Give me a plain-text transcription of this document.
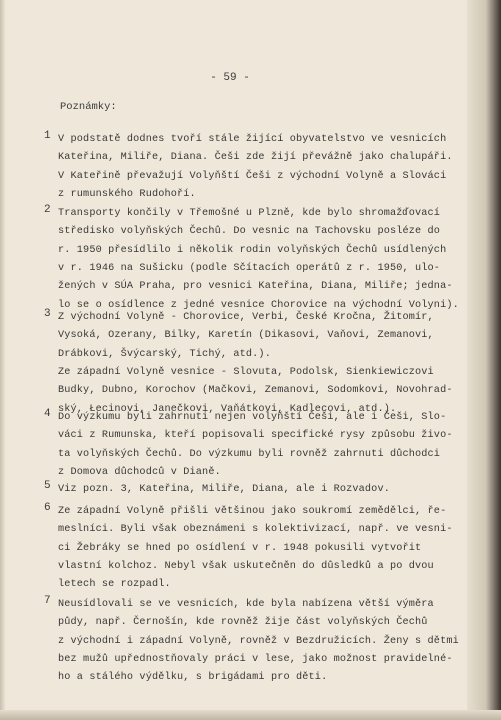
- 59 -
Poznámky:
1 V podstatě dodnes tvoří stále žijící obyvatelstvo ve vesnicích
Kateřina, Miliře, Diana. Češi zde žijí převážně jako chalupáři.
V Kateřině převažují Volyňští Češi z východní Volyně a Slováci
z rumunského Rudohoří.
2 Transporty končily v Třemošné u Plzně, kde bylo shromažďovací
středisko volyňských Čechů. Do vesnic na Tachovsku posléze do
r. 1950 přesídlilo i několik rodin volyňských Čechů usídlených
v r. 1946 na Sušicku (podle Sčítacích operátů z r. 1950, ulo-
žených v SÚA Praha, pro vesnici Kateřina, Diana, Miliře; jedna-
lo se o osídlence z jedné vesnice Chorovice na východní Volyni).
3 Z východní Volyně - Chorovice, Verbi, České Kročna, Žitomír,
Vysoká, Ozerany, Bilky, Karetín (Dikasovi, Vaňovi, Zemanovi,
Drábkovi, Švýcarský, Tichý, atd.).
Ze západní Volyně vesnice - Slovuta, Podolsk, Sienkiewiczovi
Budky, Dubno, Korochov (Mačkovi, Zemanovi, Sodomkovi, Novohrad-
ský, Łecinovi, Janečkovi, Vaňátkovi, Kadlecovi, atd.).
4 Do výzkumu byli zahrnuti nejen volyňští Češi, ale i Češi, Slo-
váci z Rumunska, kteří popisovali specifické rysy způsobu živo-
ta volyňských Čechů. Do výzkumu byli rovněž zahrnuti důchodci
z Domova důchodců v Dianě.
5 Viz pozn. 3, Kateřina, Miliře, Diana, ale i Rozvadov.
6 Ze západní Volyně přišli většinou jako soukromí zemědělci, ře-
meslníci. Byli však obeznámeni s kolektivizací, např. ve vesni-
ci Žebráky se hned po osídlení v r. 1948 pokusili vytvořit
vlastní kolchoz. Nebyl však uskutečněn do důsledků a po dvou
letech se rozpadl.
7 Neusídlovali se ve vesnicích, kde byla nabízena větší výměra
půdy, např. Černošín, kde rovněž žije část volyňských Čechů
z východní i západní Volyně, rovněž v Bezdružicích. Ženy s dětmi
bez mužů upřednostňovaly práci v lese, jako možnost pravidelné-
ho a stálého výdělku, s brigádami pro děti.
